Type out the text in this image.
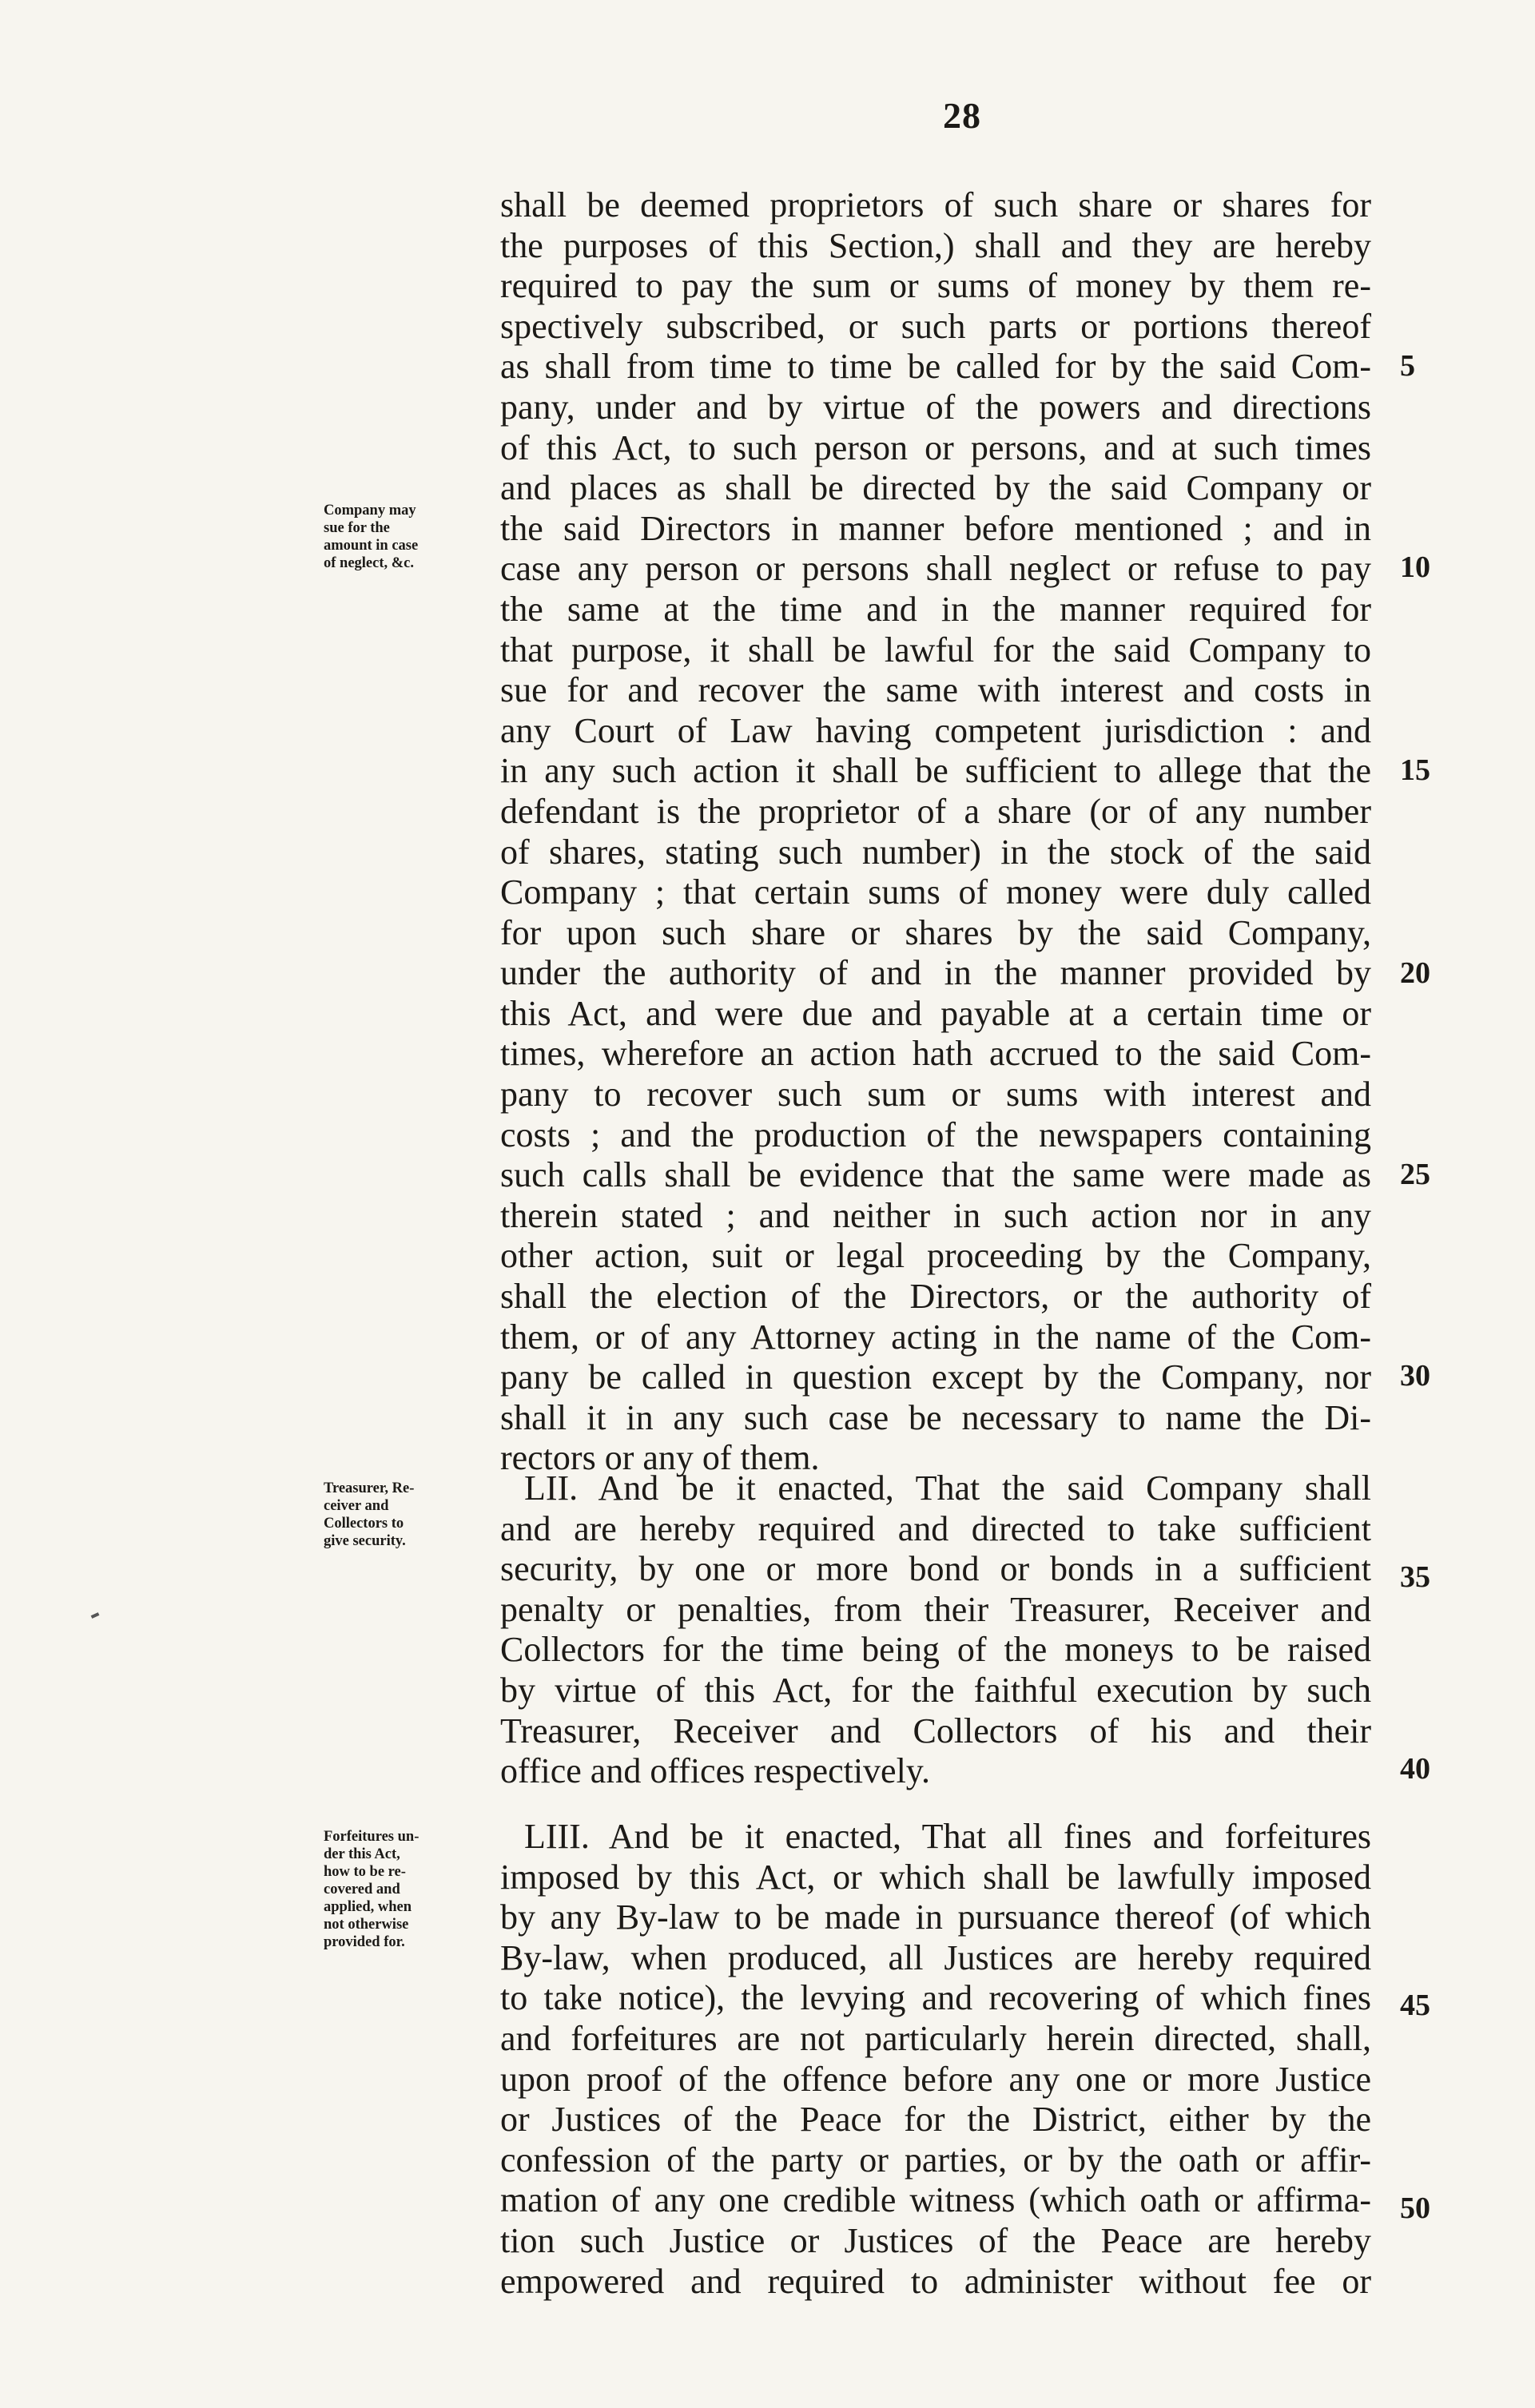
28
shall be deemed proprietors of such share or shares for
the purposes of this Section,) shall and they are hereby
required to pay the sum or sums of money by them re-
spectively subscribed, or such parts or portions thereof
as shall from time to time be called for by the said Com-
pany, under and by virtue of the powers and directions
of this Act, to such person or persons, and at such times
and places as shall be directed by the said Company or
the said Directors in manner before mentioned ; and in
case any person or persons shall neglect or refuse to pay
the same at the time and in the manner required for
that purpose, it shall be lawful for the said Company to
sue for and recover the same with interest and costs in
any Court of Law having competent jurisdiction : and
in any such action it shall be sufficient to allege that the
defendant is the proprietor of a share (or of any number
of shares, stating such number) in the stock of the said
Company ; that certain sums of money were duly called
for upon such share or shares by the said Company,
under the authority of and in the manner provided by
this Act, and were due and payable at a certain time or
times, wherefore an action hath accrued to the said Com-
pany to recover such sum or sums with interest and
costs ; and the production of the newspapers containing
such calls shall be evidence that the same were made as
therein stated ; and neither in such action nor in any
other action, suit or legal proceeding by the Company,
shall the election of the Directors, or the authority of
them, or of any Attorney acting in the name of the Com-
pany be called in question except by the Company, nor
shall it in any such case be necessary to name the Di-
rectors or any of them.
LII. And be it enacted, That the said Company shall
and are hereby required and directed to take sufficient
security, by one or more bond or bonds in a sufficient
penalty or penalties, from their Treasurer, Receiver and
Collectors for the time being of the moneys to be raised
by virtue of this Act, for the faithful execution by such
Treasurer, Receiver and Collectors of his and their
office and offices respectively.
LIII. And be it enacted, That all fines and forfeitures
imposed by this Act, or which shall be lawfully imposed
by any By-law to be made in pursuance thereof (of which
By-law, when produced, all Justices are hereby required
to take notice), the levying and recovering of which fines
and forfeitures are not particularly herein directed, shall,
upon proof of the offence before any one or more Justice
or Justices of the Peace for the District, either by the
confession of the party or parties, or by the oath or affir-
mation of any one credible witness (which oath or affirma-
tion such Justice or Justices of the Peace are hereby
empowered and required to administer without fee or
Company may
sue for the
amount in case
of neglect, &c.
Treasurer, Re-
ceiver and
Collectors to
give security.
Forfeitures un-
der this Act,
how to be re-
covered and
applied, when
not otherwise
provided for.
5
10
15
20
25
30
35
40
45
50
